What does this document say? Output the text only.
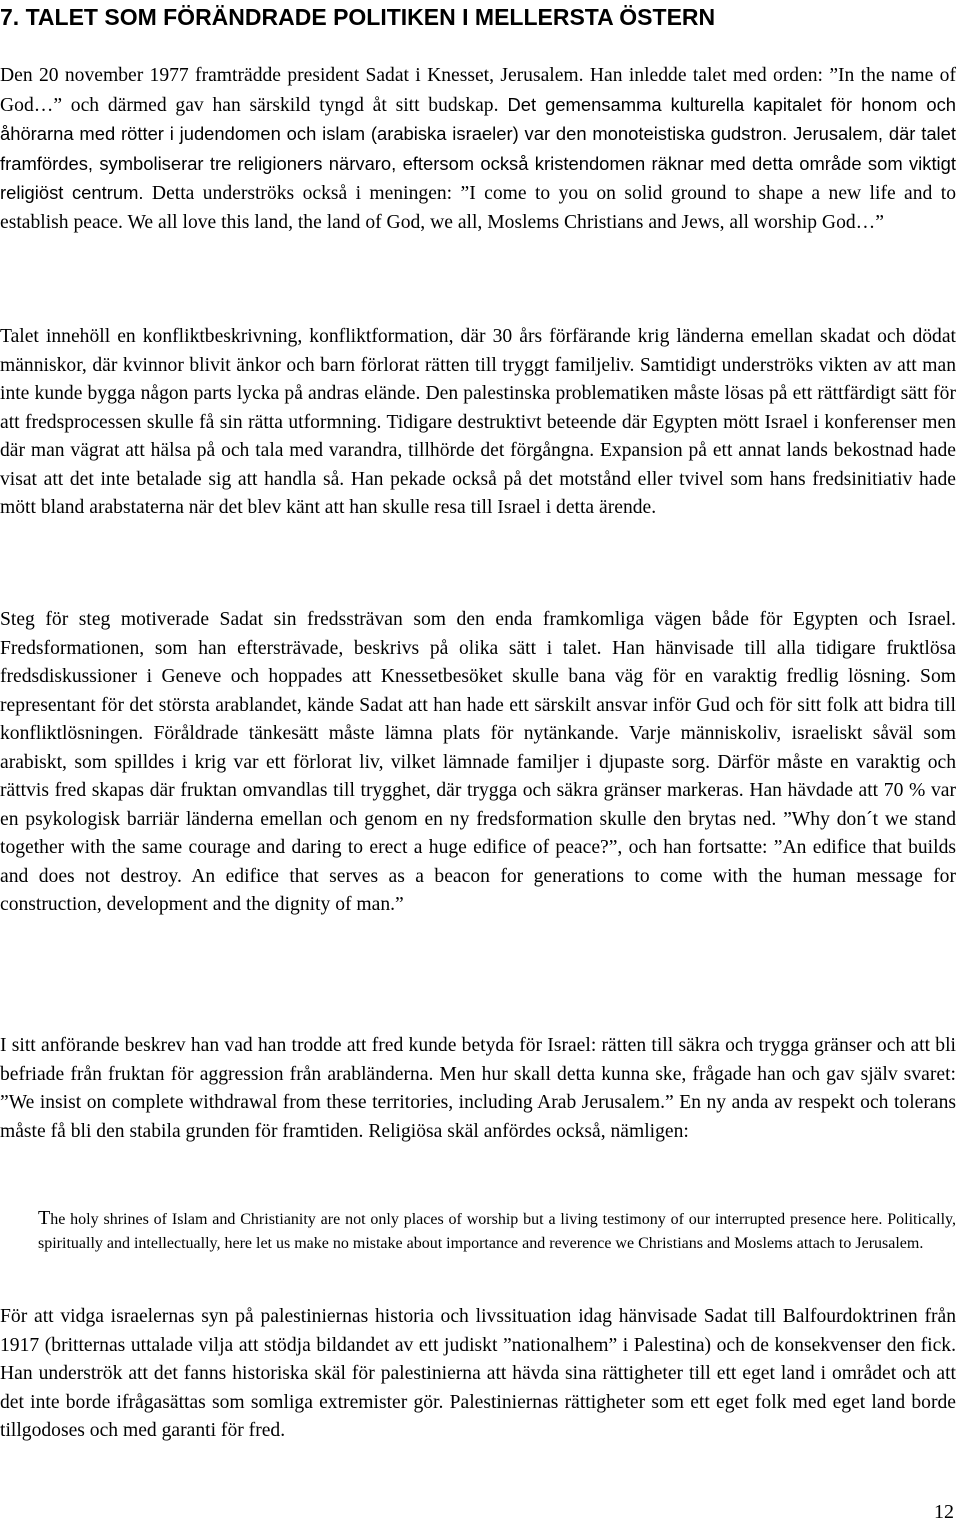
7. TALET SOM FÖRÄNDRADE POLITIKEN I MELLERSTA ÖSTERN

Den 20 november 1977 framträdde president Sadat i Knesset, Jerusalem. Han inledde talet med orden: ”In the name of God…” och därmed gav han särskild tyngd åt sitt budskap. Det gemensamma kulturella kapitalet för honom och åhörarna med rötter i judendomen och islam (arabiska israeler) var den monoteistiska gudstron. Jerusalem, där talet framfördes, symboliserar tre religioners närvaro, eftersom också kristendomen räknar med detta område som viktigt religiöst centrum. Detta underströks också i meningen: ”I come to you on solid ground to shape a new life and to establish peace. We all love this land, the land of God, we all, Moslems Christians and Jews, all worship God…”

Talet innehöll en konfliktbeskrivning, konfliktformation, där 30 års förfärande krig länderna emellan skadat och dödat människor, där kvinnor blivit änkor och barn förlorat rätten till tryggt familjeliv. Samtidigt underströks vikten av att man inte kunde bygga någon parts lycka på andras elände. Den palestinska problematiken måste lösas på ett rättfärdigt sätt för att fredsprocessen skulle få sin rätta utformning. Tidigare destruktivt beteende där Egypten mött Israel i konferenser men där man vägrat att hälsa på och tala med varandra, tillhörde det förgångna. Expansion på ett annat lands bekostnad hade visat att det inte betalade sig att handla så. Han pekade också på det motstånd eller tvivel som hans fredsinitiativ hade mött bland arabstaterna när det blev känt att han skulle resa till Israel i detta ärende.

Steg för steg motiverade Sadat sin fredssträvan som den enda framkomliga vägen både för Egypten och Israel. Fredsformationen, som han eftersträvade, beskrivs på olika sätt i talet. Han hänvisade till alla tidigare fruktlösa fredsdiskussioner i Geneve och hoppades att Knessetbesöket skulle bana väg för en varaktig fredlig lösning. Som representant för det största arablandet, kände Sadat att han hade ett särskilt ansvar inför Gud och för sitt folk att bidra till konfliktlösningen. Föråldrade tänkesätt måste lämna plats för nytänkande. Varje människoliv, israeliskt såväl som arabiskt, som spilldes i krig var ett förlorat liv, vilket lämnade familjer i djupaste sorg. Därför måste en varaktig och rättvis fred skapas där fruktan omvandlas till trygghet, där trygga och säkra gränser markeras. Han hävdade att 70 % var en psykologisk barriär länderna emellan och genom en ny fredsformation skulle den brytas ned. ”Why don´t we stand together with the same courage and daring to erect a huge edifice of peace?”, och han fortsatte: ”An edifice that builds and does not destroy. An edifice that serves as a beacon for generations to come with the human message for construction, development and the dignity of man.”

I sitt anförande beskrev han vad han trodde att fred kunde betyda för Israel: rätten till säkra och trygga gränser och att bli befriade från fruktan för aggression från arabländerna. Men hur skall detta kunna ske, frågade han och gav själv svaret: ”We insist on complete withdrawal from these territories, including Arab Jerusalem.” En ny anda av respekt och tolerans måste få bli den stabila grunden för framtiden. Religiösa skäl anfördes också, nämligen:

The holy shrines of Islam and Christianity are not only places of worship but a living testimony of our interrupted presence here. Politically, spiritually and intellectually, here let us make no mistake about importance and reverence we Christians and Moslems attach to Jerusalem.

För att vidga israelernas syn på palestiniernas historia och livssituation idag hänvisade Sadat till Balfourdoktrinen från 1917 (britternas uttalade vilja att stödja bildandet av ett judiskt ”nationalhem” i Palestina) och de konsekvenser den fick. Han underströk att det fanns historiska skäl för palestinierna att hävda sina rättigheter till ett eget land i området och att det inte borde ifrågasättas som somliga extremister gör. Palestiniernas rättigheter som ett eget folk med eget land borde tillgodoses och med garanti för fred.

12
